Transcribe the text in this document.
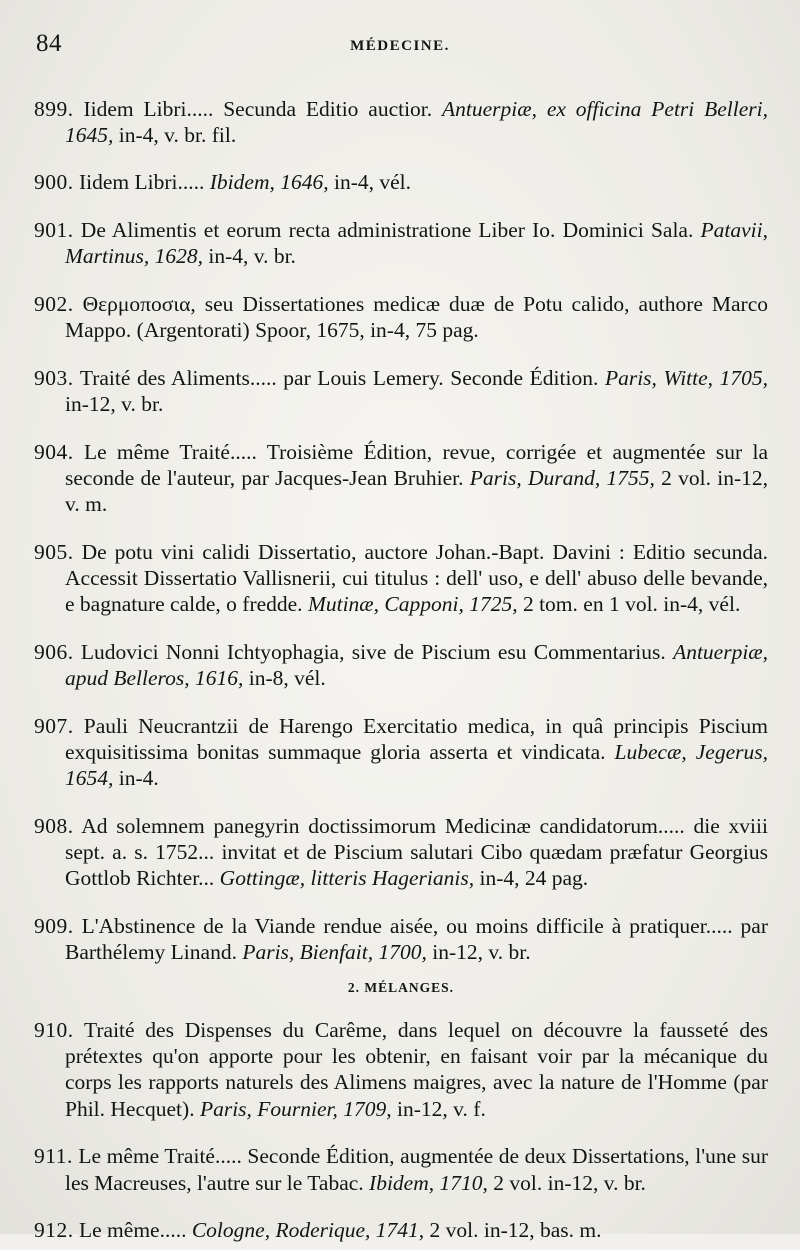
84	MÉDECINE.

899. Iidem Libri..... Secunda Editio auctior. Antuerpiæ, ex officina Petri Belleri, 1645, in-4, v. br. fil.

900. Iidem Libri..... Ibidem, 1646, in-4, vél.

901. De Alimentis et eorum recta administratione Liber Io. Dominici Sala. Patavii, Martinus, 1628, in-4, v. br.

902. Θερμοποσια, seu Dissertationes medicæ duæ de Potu calido, authore Marco Mappo. (Argentorati) Spoor, 1675, in-4, 75 pag.

903. Traité des Aliments..... par Louis Lemery. Seconde Édition. Paris, Witte, 1705, in-12, v. br.

904. Le même Traité..... Troisième Édition, revue, corrigée et augmentée sur la seconde de l'auteur, par Jacques-Jean Bruhier. Paris, Durand, 1755, 2 vol. in-12, v. m.

905. De potu vini calidi Dissertatio, auctore Johan.-Bapt. Davini : Editio secunda. Accessit Dissertatio Vallisnerii, cui titulus : dell' uso, e dell' abuso delle bevande, e bagnature calde, o fredde. Mutinæ, Capponi, 1725, 2 tom. en 1 vol. in-4, vél.

906. Ludovici Nonni Ichtyophagia, sive de Piscium esu Commentarius. Antuerpiæ, apud Belleros, 1616, in-8, vél.

907. Pauli Neucrantzii de Harengo Exercitatio medica, in quâ principis Piscium exquisitissima bonitas summaque gloria asserta et vindicata. Lubecæ, Jegerus, 1654, in-4.

908. Ad solemnem panegyrin doctissimorum Medicinæ candidatorum..... die xviii sept. a. s. 1752... invitat et de Piscium salutari Cibo quædam præfatur Georgius Gottlob Richter... Gottingæ, litteris Hagerianis, in-4, 24 pag.

909. L'Abstinence de la Viande rendue aisée, ou moins difficile à pratiquer..... par Barthélemy Linand. Paris, Bienfait, 1700, in-12, v. br.

2. MÉLANGES.

910. Traité des Dispenses du Carême, dans lequel on découvre la fausseté des prétextes qu'on apporte pour les obtenir, en faisant voir par la mécanique du corps les rapports naturels des Alimens maigres, avec la nature de l'Homme (par Phil. Hecquet). Paris, Fournier, 1709, in-12, v. f.

911. Le même Traité..... Seconde Édition, augmentée de deux Dissertations, l'une sur les Macreuses, l'autre sur le Tabac. Ibidem, 1710, 2 vol. in-12, v. br.

912. Le même..... Cologne, Roderique, 1741, 2 vol. in-12, bas. m.
